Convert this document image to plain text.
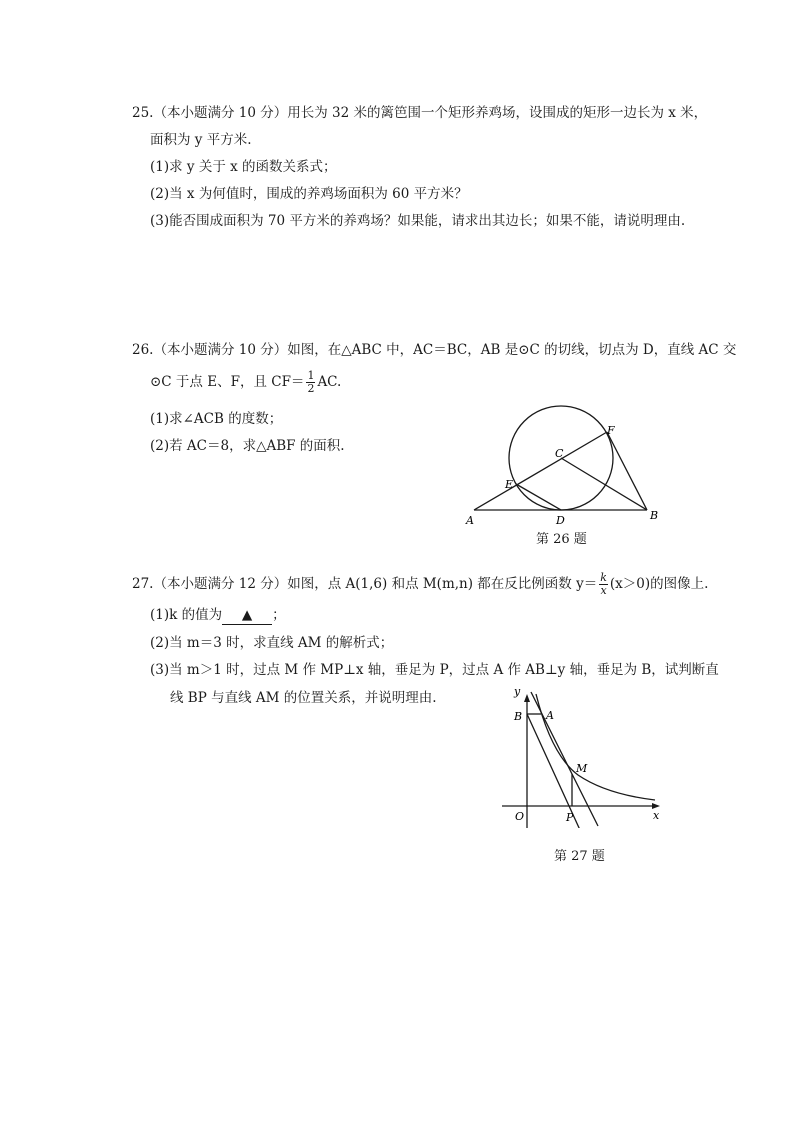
25.（本小题满分 10 分）用长为 32 米的篱笆围一个矩形养鸡场，设围成的矩形一边长为 x 米，
面积为 y 平方米.
(1)求 y 关于 x 的函数关系式；
(2)当 x 为何值时，围成的养鸡场面积为 60 平方米？
(3)能否围成面积为 70 平方米的养鸡场？如果能，请求出其边长；如果不能，请说明理由.
26.（本小题满分 10 分）如图，在△ABC 中，AC＝BC，AB 是⊙C 的切线，切点为 D，直线 AC 交
⊙C 于点 E、F，且 $CF= \frac{1}{2}$ AC.
(1)求∠ACB 的度数；
(2)若 AC＝8，求△ABF 的面积.
A	B
C
D
E
F
第 26 题
27.（本小题满分 12 分）如图，点 A(1,6) 和点 M(m,n) 都在反比例函数 $y= \frac{k}{x} (x>0)$的图像上.
(1)k 的值为 ▲ ；
(2)当 m＝3 时，求直线 AM 的解析式；
(3)当 m＞1 时，过点 M 作 MP⊥x 轴，垂足为 P，过点 A 作 AB⊥y 轴，垂足为 B，试判断直
线 BP 与直线 AM 的位置关系，并说明理由.	y
x
O
B A
M
P
第 27 题
